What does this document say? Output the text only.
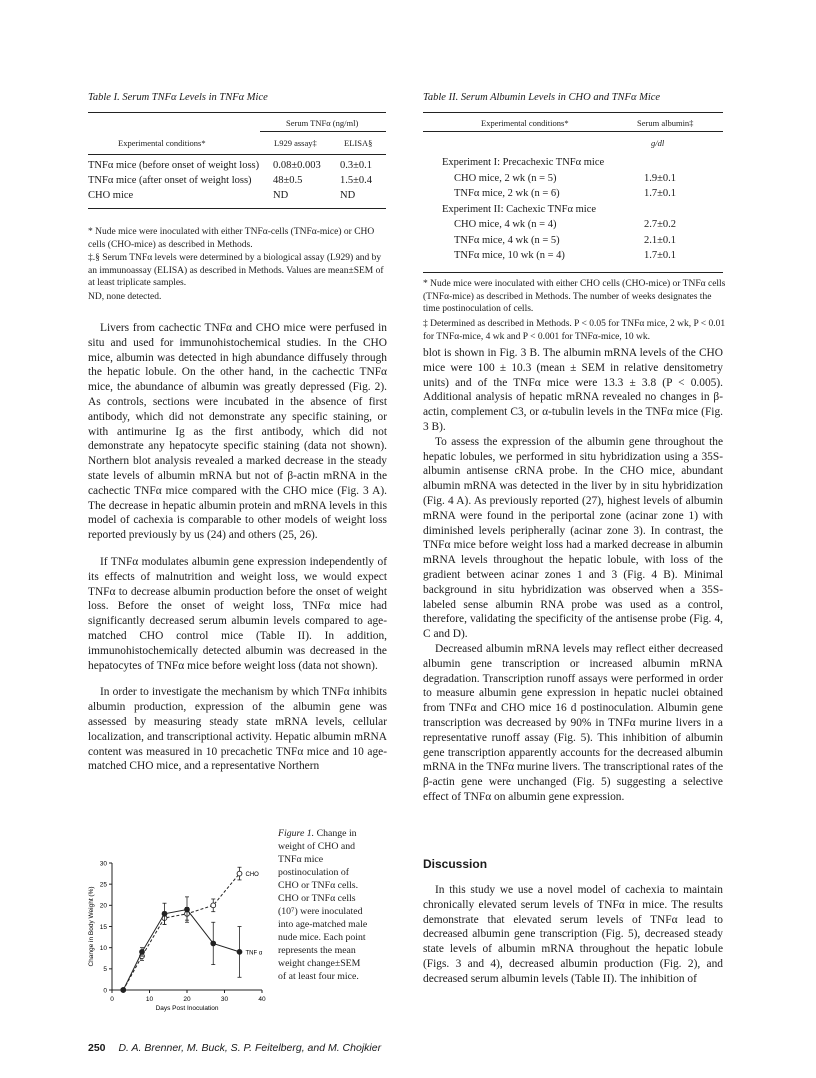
Table I. Serum TNFα Levels in TNFα Mice
Serum TNFα (ng/ml)
Experimental conditions*	L929 assay‡	ELISA§
TNFα mice (before onset of weight loss) 0.08±0.003 0.3±0.1
TNFα mice (after onset of weight loss) 48±0.5	1.5±0.4
CHO mice	ND	ND
* Nude mice were inoculated with either TNFα-cells (TNFα-mice) or CHO cells (CHO-mice) as described in Methods.
‡.§ Serum TNFα levels were determined by a biological assay (L929) and by an immunoassay (ELISA) as described in Methods. Values are mean±SEM of at least triplicate samples.
ND, none detected.
Table II. Serum Albumin Levels in CHO and TNFα Mice
Experimental conditions*	Serum albumin‡
g/dl
Experiment I: Precachexic TNFα mice
CHO mice, 2 wk (n = 5)	1.9±0.1
TNFα mice, 2 wk (n = 6)	1.7±0.1
Experiment II: Cachexic TNFα mice
CHO mice, 4 wk (n = 4)	2.7±0.2
TNFα mice, 4 wk (n = 5)	2.1±0.1
TNFα mice, 10 wk (n = 4)	1.7±0.1
* Nude mice were inoculated with either CHO cells (CHO-mice) or TNFα cells (TNFα-mice) as described in Methods. The number of weeks designates the time postinoculation of cells.
‡ Determined as described in Methods. P < 0.05 for TNFα mice, 2 wk, P < 0.01 for TNFα-mice, 4 wk and P < 0.001 for TNFα-mice, 10 wk.

Livers from cachectic TNFα and CHO mice were perfused in situ and used for immunohistochemical studies. In the CHO mice, albumin was detected in high abundance diffusely through the hepatic lobule. On the other hand, in the cachectic TNFα mice, the abundance of albumin was greatly depressed (Fig. 2). As controls, sections were incubated in the absence of first antibody, which did not demonstrate any specific staining, or with antimurine Ig as the first antibody, which did not demonstrate any hepatocyte specific staining (data not shown). Northern blot analysis revealed a marked decrease in the steady state levels of albumin mRNA but not of β-actin mRNA in the cachectic TNFα mice compared with the CHO mice (Fig. 3 A). The decrease in hepatic albumin protein and mRNA levels in this model of cachexia is comparable to other models of weight loss reported previously by us (24) and others (25, 26).

If TNFα modulates albumin gene expression independently of its effects of malnutrition and weight loss, we would expect TNFα to decrease albumin production before the onset of weight loss. Before the onset of weight loss, TNFα mice had significantly decreased serum albumin levels compared to age-matched CHO control mice (Table II). In addition, immunohistochemically detected albumin was decreased in the hepatocytes of TNFα mice before weight loss (data not shown).

In order to investigate the mechanism by which TNFα inhibits albumin production, expression of the albumin gene was assessed by measuring steady state mRNA levels, cellular localization, and transcriptional activity. Hepatic albumin mRNA content was measured in 10 precachetic TNFα mice and 10 age-matched CHO mice, and a representative Northern

blot is shown in Fig. 3 B. The albumin mRNA levels of the CHO mice were 100 ± 10.3 (mean ± SEM in relative densitometry units) and of the TNFα mice were 13.3 ± 3.8 (P < 0.005). Additional analysis of hepatic mRNA revealed no changes in β-actin, complement C3, or α-tubulin levels in the TNFα mice (Fig. 3 B).

To assess the expression of the albumin gene throughout the hepatic lobules, we performed in situ hybridization using a 35S-albumin antisense cRNA probe. In the CHO mice, abundant albumin mRNA was detected in the liver by in situ hybridization (Fig. 4 A). As previously reported (27), highest levels of albumin mRNA were found in the periportal zone (acinar zone 1) with diminished levels peripherally (acinar zone 3). In contrast, the TNFα mice before weight loss had a marked decrease in albumin mRNA levels throughout the hepatic lobule, with loss of the gradient between acinar zones 1 and 3 (Fig. 4 B). Minimal background in situ hybridization was observed when a 35S-labeled sense albumin RNA probe was used as a control, therefore, validating the specificity of the antisense probe (Fig. 4, C and D).

Decreased albumin mRNA levels may reflect either decreased albumin gene transcription or increased albumin mRNA degradation. Transcription runoff assays were performed in order to measure albumin gene expression in hepatic nuclei obtained from TNFα and CHO mice 16 d postinoculation. Albumin gene transcription was decreased by 90% in TNFα murine livers in a representative runoff assay (Fig. 5). This inhibition of albumin gene transcription apparently accounts for the decreased albumin mRNA in the TNFα murine livers. The transcriptional rates of the β-actin gene were unchanged (Fig. 5) suggesting a selective effect of TNFα on albumin gene expression.

Discussion

In this study we use a novel model of cachexia to maintain chronically elevated serum levels of TNFα in mice. The results demonstrate that elevated serum levels of TNFα lead to decreased albumin gene transcription (Fig. 5), decreased steady state levels of albumin mRNA throughout the hepatic lobule (Figs. 3 and 4), decreased albumin production (Fig. 2), and decreased serum albumin levels (Table II). The inhibition of

0	10	20	30	40
0
5
10
15
20
25
30
Days Post Inoculation
Change in Body Weight (%)
CHO
TNF α
Figure 1. Change in weight of CHO and TNFα mice postinoculation of CHO or TNFα cells. CHO or TNFα cells (10⁷) were inoculated into age-matched male nude mice. Each point represents the mean weight change±SEM of at least four mice.
250 D. A. Brenner, M. Buck, S. P. Feitelberg, and M. Chojkier
